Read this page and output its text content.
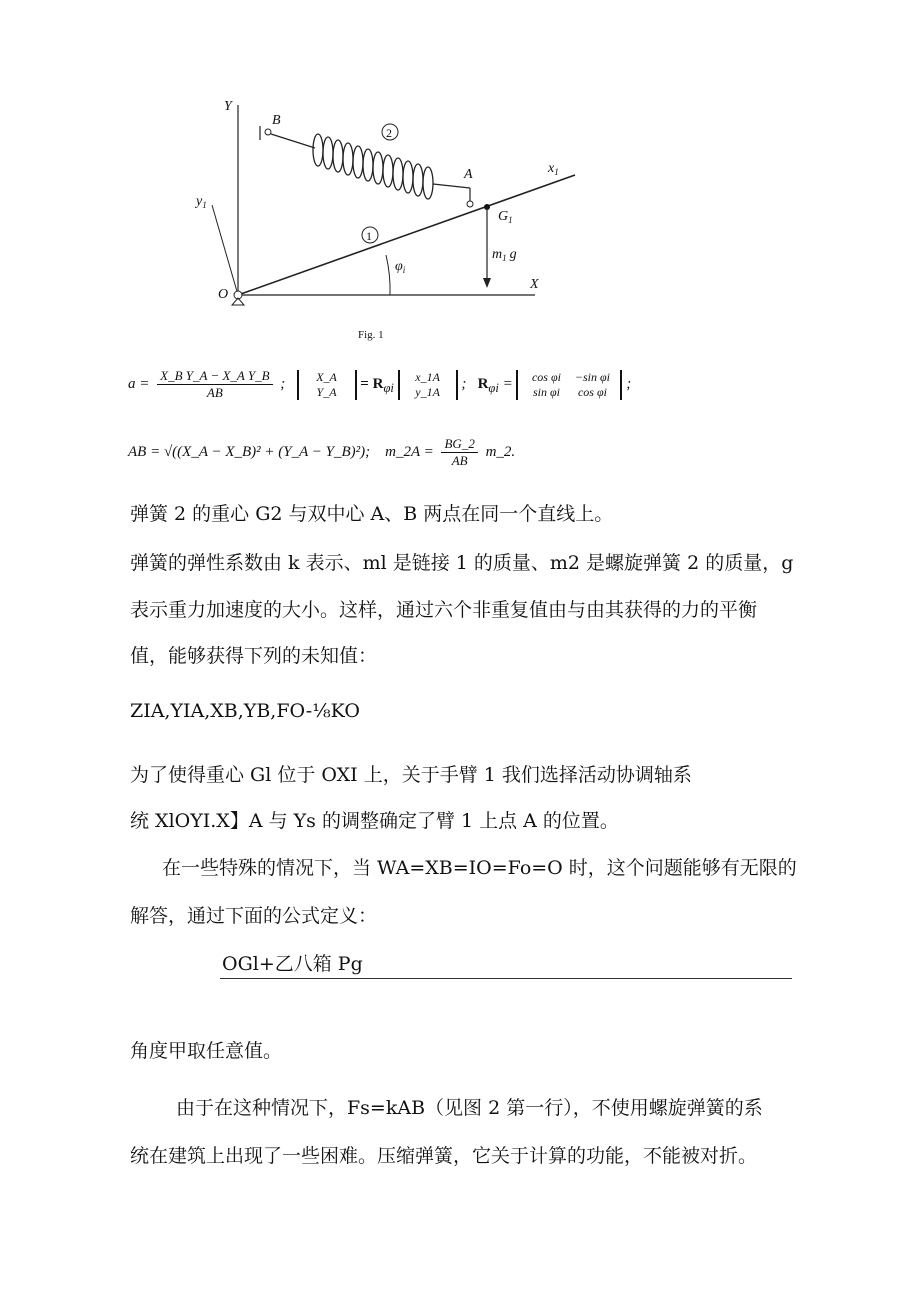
Y
X
O
B
A	$x_1$
$y_1$
$G_1$
$\varphi_i$
$m_1$ g
2
1
Fig. 1
$a = \frac{\text{X\_B Y\_A − X\_A Y\_B}}{AB}$ ;	X_A
Y_A	= $R_{\varphi i}$
x_1A
y_1A	; $R_{\varphi i}$ =	cos φi −sin φi
sin φi cos φi	;
AB = √((X_A − X_B)² + (Y_A − Y_B)²); m_2A = $\frac{BG\_2}{AB}$ m_2.
弹簧 2 的重心 G2 与双中心 A、B 两点在同一个直线上。
弹簧的弹性系数由 k 表示、ml 是链接 1 的质量、m2 是螺旋弹簧 2 的质量，g
表示重力加速度的大小。这样，通过六个非重复值由与由其获得的力的平衡
值，能够获得下列的未知值：
ZIA,YIA,XB,YB,FO-⅛KO
为了使得重心 Gl 位于 OXI 上，关于手臂 1 我们选择活动协调轴系
统 XlOYI.X】A 与 Ys 的调整确定了臂 1 上点 A 的位置。
在一些特殊的情况下，当 WA=XB=IO=Fo=O 时，这个问题能够有无限的
解答，通过下面的公式定义：
OGl+乙八箱 Pg
角度甲取任意值。
由于在这种情况下，Fs=kAB（见图 2 第一行），不使用螺旋弹簧的系
统在建筑上出现了一些困难。压缩弹簧，它关于计算的功能，不能被对折。
